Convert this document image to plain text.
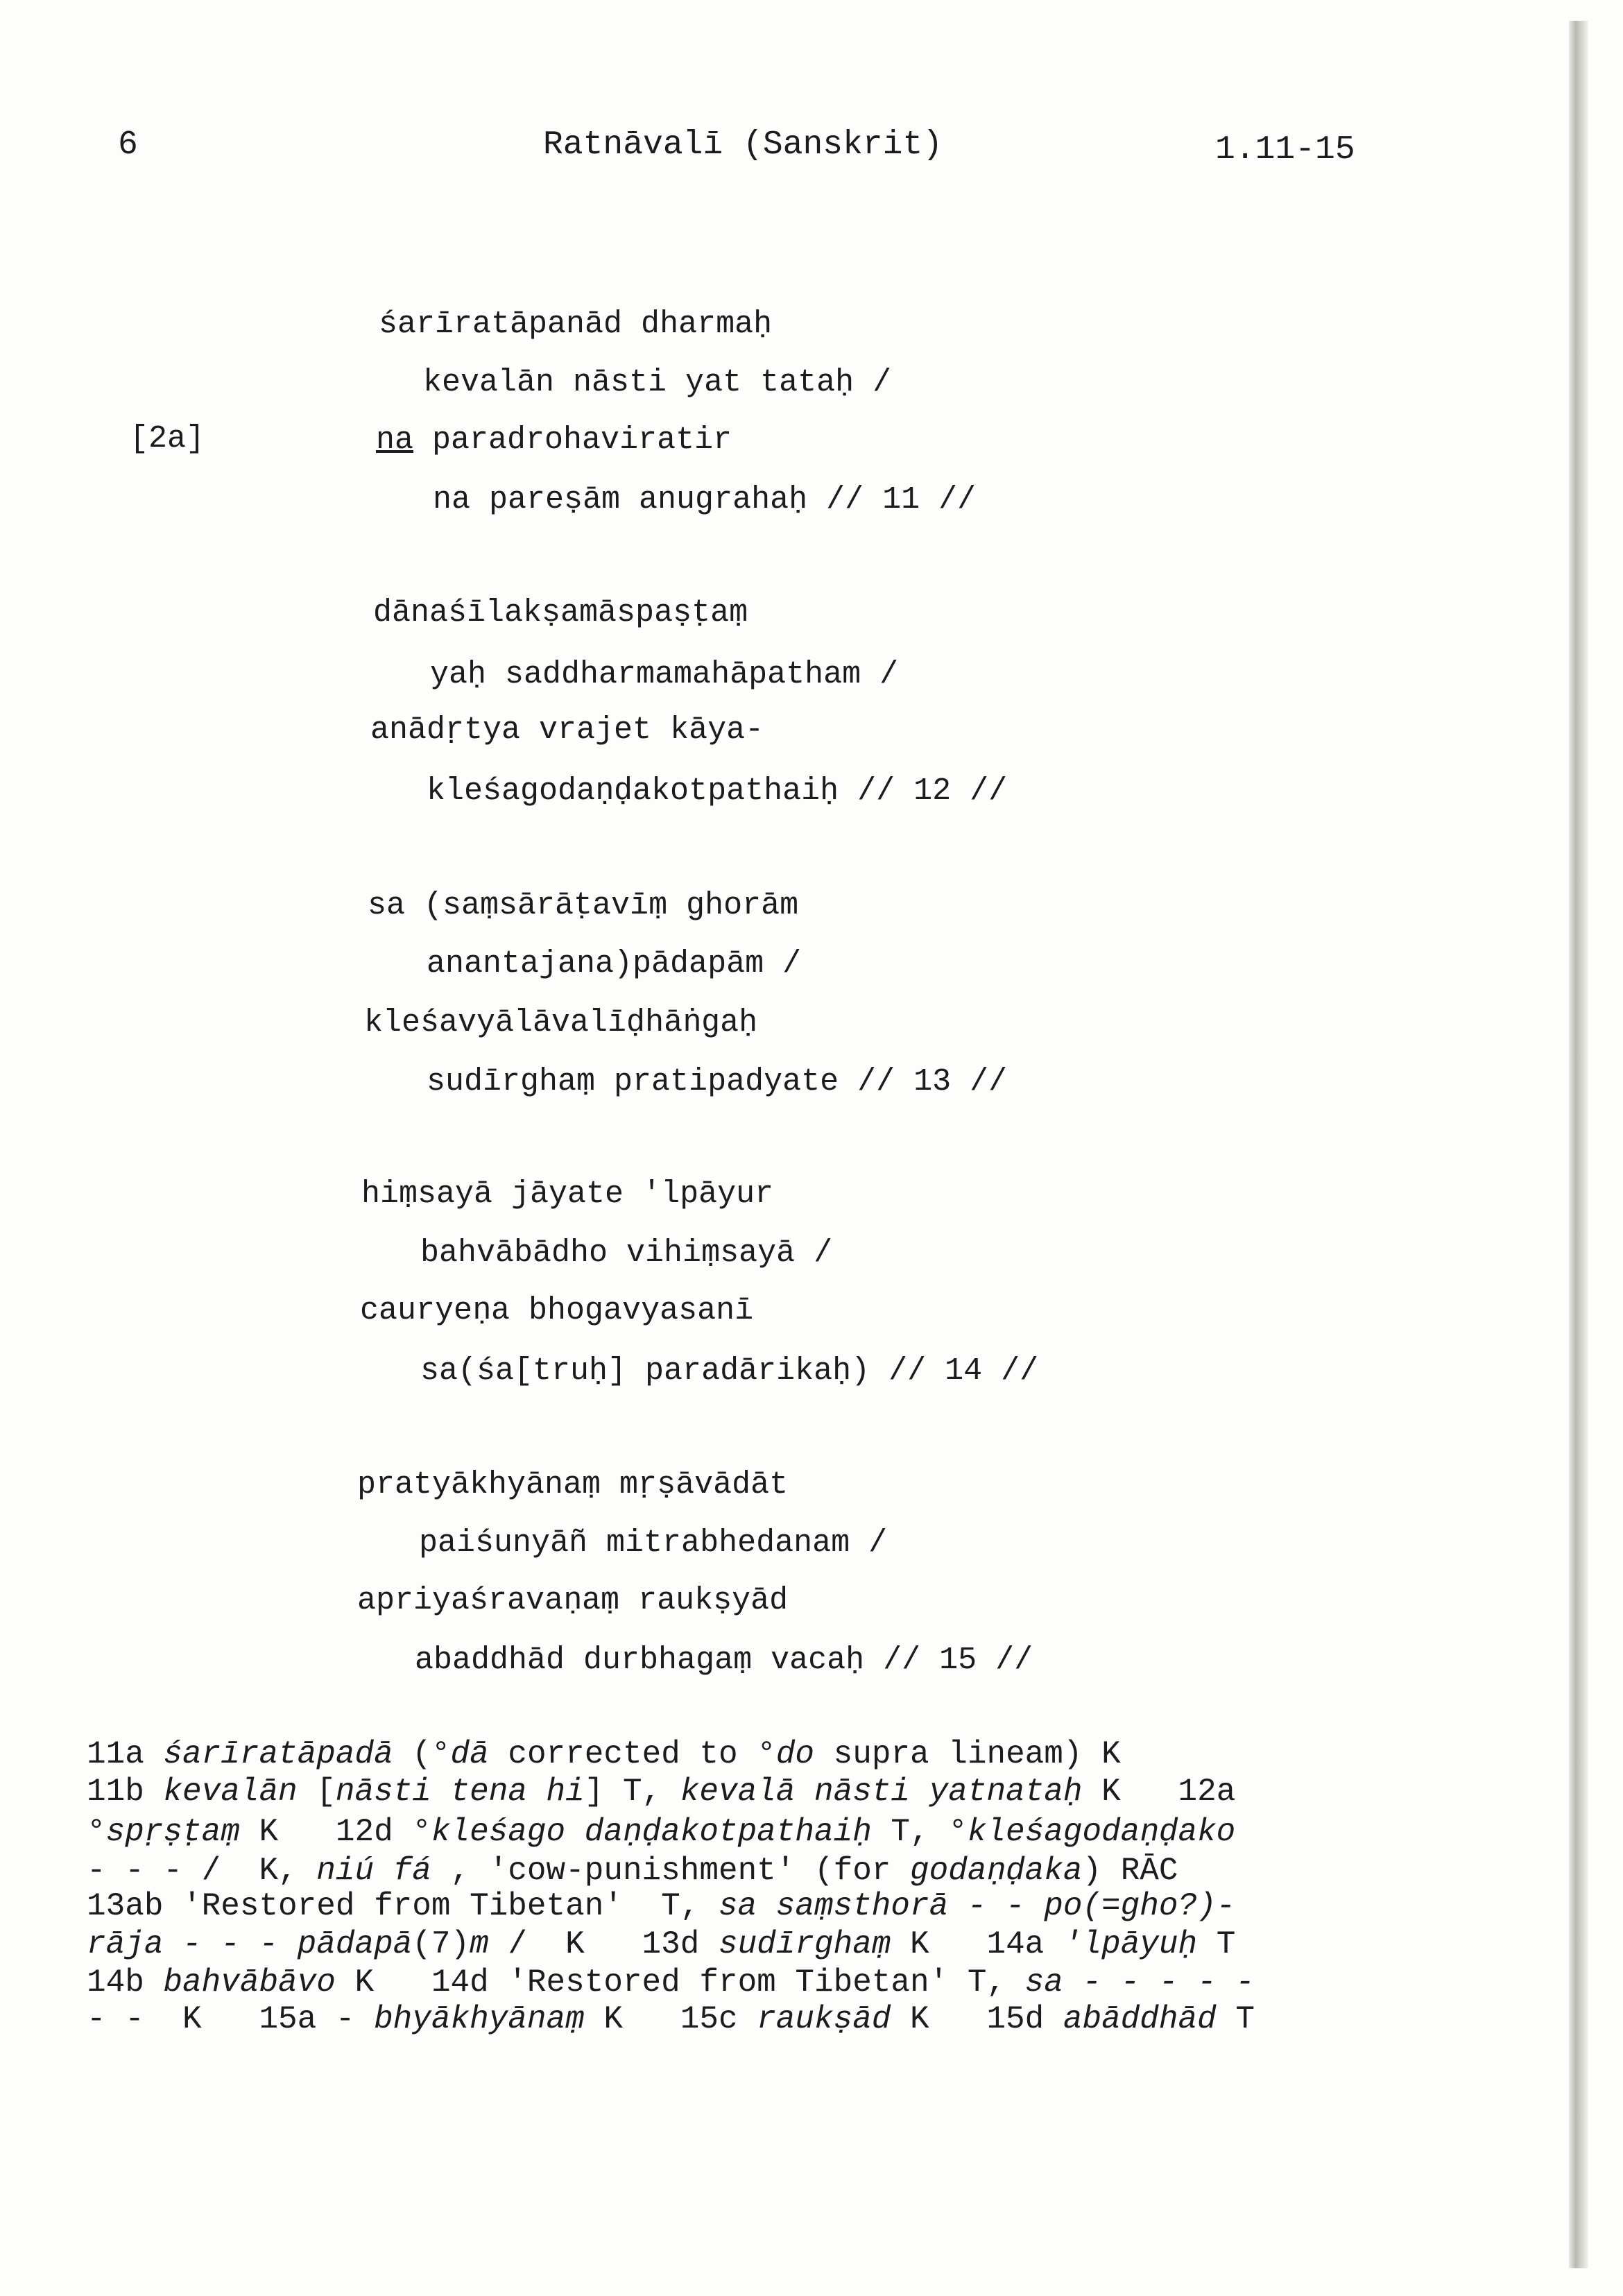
6	Ratnāvalī (Sanskrit)	1.11-15
[2a]
śarīratāpanād dharmaḥ
kevalān nāsti yat tataḥ /
na paradrohaviratir
na pareṣām anugrahaḥ // 11 //
dānaśīlakṣamāspaṣṭaṃ
yaḥ saddharmamahāpatham /
anādṛtya vrajet kāya-
kleśagodaṇḍakotpathaiḥ // 12 //
sa (saṃsārāṭavīṃ ghorām
anantajana)pādapām /
kleśavyālāvalīḍhāṅgaḥ
sudīrghaṃ pratipadyate // 13 //
hiṃsayā jāyate 'lpāyur
bahvābādho vihiṃsayā /
cauryeṇa bhogavyasanī
sa(śa[truḥ] paradārikaḥ) // 14 //
pratyākhyānaṃ mṛṣāvādāt
paiśunyāñ mitrabhedanam /
apriyaśravaṇaṃ raukṣyād
abaddhād durbhagaṃ vacaḥ // 15 //
11a śarīratāpadā (°dā corrected to °do supra lineam) K
11b kevalān [nāsti tena hi] T, kevalā nāsti yatnataḥ K   12a
°spṛṣṭaṃ K   12d °kleśago daṇḍakotpathaiḥ T, °kleśagodaṇḍako
- - - /  K, niú fá , 'cow-punishment' (for godaṇḍaka) RĀC
13ab 'Restored from Tibetan'  T, sa saṃsthorā - - po(=gho?)-
rāja - - - pādapā(7)m /  K   13d sudīrghaṃ K   14a 'lpāyuḥ T
14b bahvābāvo K   14d 'Restored from Tibetan' T, sa - - - - -
- -  K   15a - bhyākhyānaṃ K   15c raukṣād K   15d abāddhād T
